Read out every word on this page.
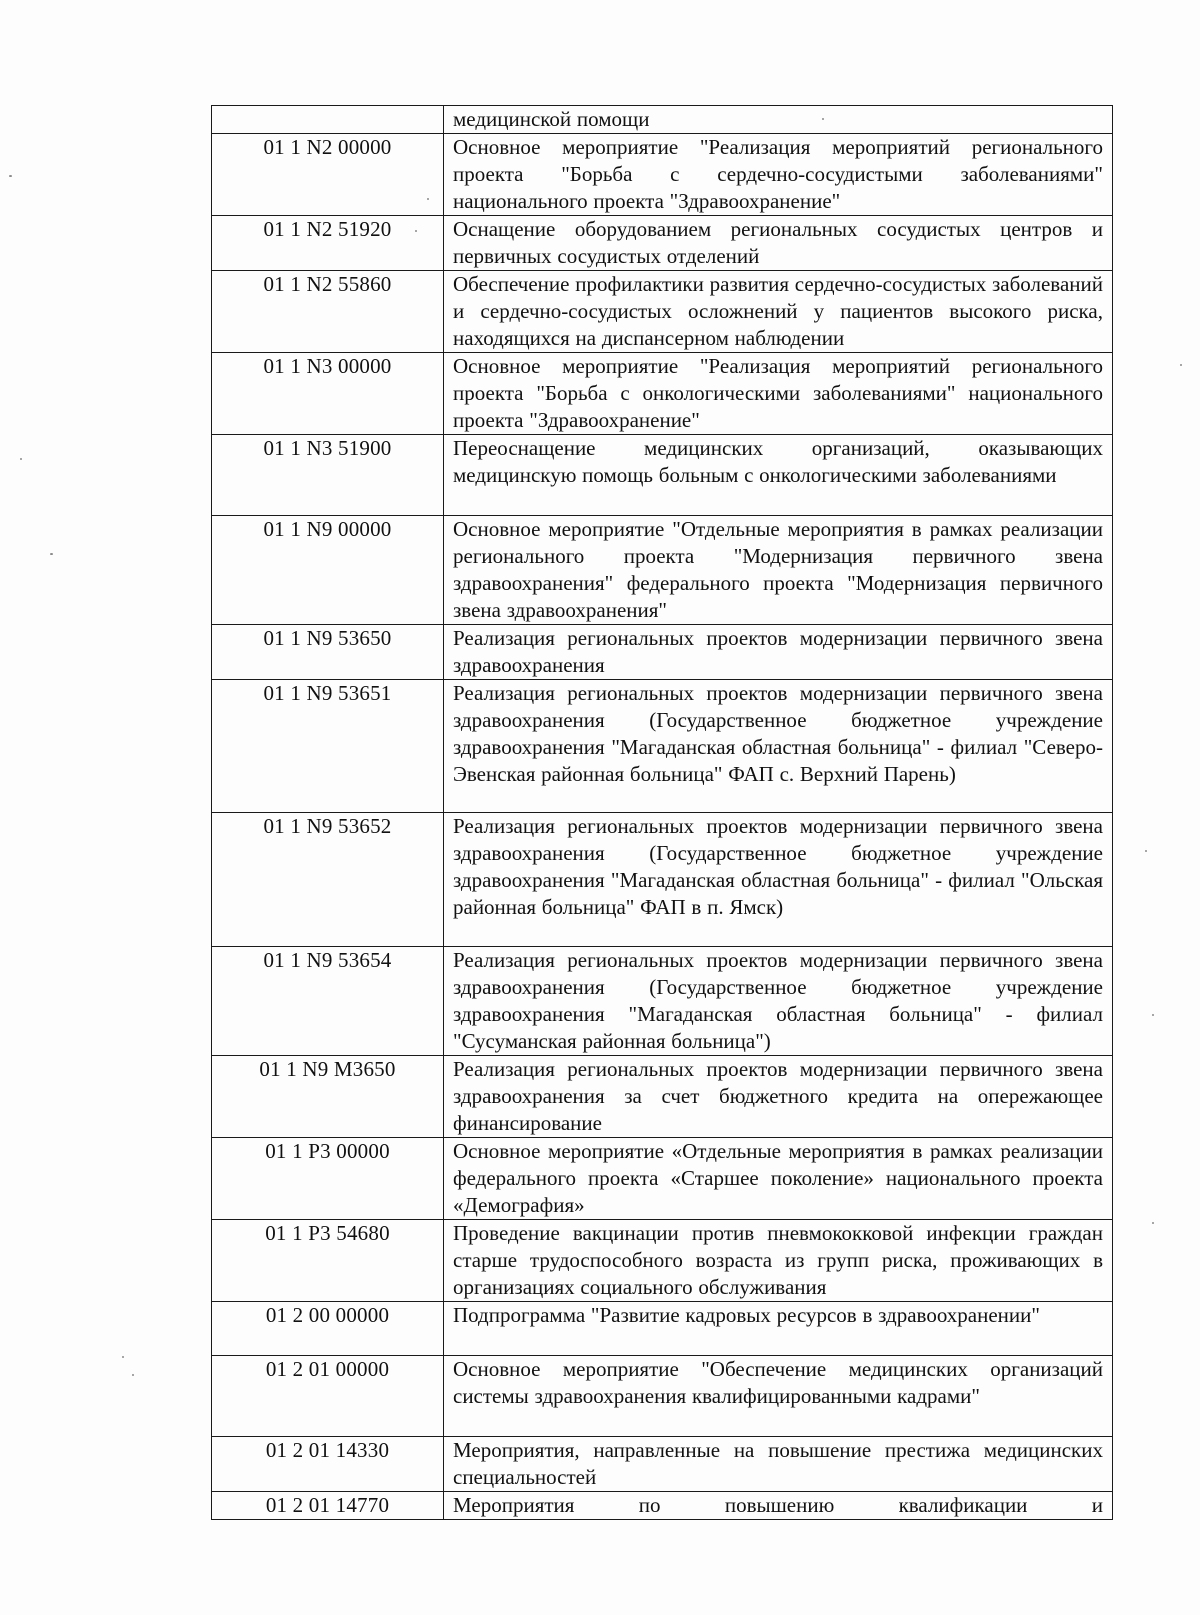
	медицинской помощи
01 1 N2 00000	Основное мероприятие "Реализация мероприятий регионального проекта "Борьба с сердечно-сосудистыми заболеваниями" национального проекта "Здравоохранение"
01 1 N2 51920	Оснащение оборудованием региональных сосудистых центров и первичных сосудистых отделений
01 1 N2 55860	Обеспечение профилактики развития сердечно-сосудистых заболеваний и сердечно-сосудистых осложнений у пациентов высокого риска, находящихся на диспансерном наблюдении
01 1 N3 00000	Основное мероприятие "Реализация мероприятий регионального проекта "Борьба с онкологическими заболеваниями" национального проекта "Здравоохранение"
01 1 N3 51900	Переоснащение медицинских организаций, оказывающих медицинскую помощь больным с онкологическими заболеваниями
01 1 N9 00000	Основное мероприятие "Отдельные мероприятия в рамках реализации регионального проекта "Модернизация первичного звена здравоохранения" федерального проекта "Модернизация первичного звена здравоохранения"
01 1 N9 53650	Реализация региональных проектов модернизации первичного звена здравоохранения
01 1 N9 53651	Реализация региональных проектов модернизации первичного звена здравоохранения (Государственное бюджетное учреждение здравоохранения "Магаданская областная больница" - филиал "Северо-Эвенская районная больница" ФАП с. Верхний Парень)
01 1 N9 53652	Реализация региональных проектов модернизации первичного звена здравоохранения (Государственное бюджетное учреждение здравоохранения "Магаданская областная больница" - филиал "Ольская районная больница" ФАП в п. Ямск)
01 1 N9 53654	Реализация региональных проектов модернизации первичного звена здравоохранения (Государственное бюджетное учреждение здравоохранения "Магаданская областная больница" - филиал "Сусуманская районная больница")
01 1 N9 M3650	Реализация региональных проектов модернизации первичного звена здравоохранения за счет бюджетного кредита на опережающее финансирование
01 1 P3 00000	Основное мероприятие «Отдельные мероприятия в рамках реализации федерального проекта «Старшее поколение» национального проекта «Демография»
01 1 P3 54680	Проведение вакцинации против пневмококковой инфекции граждан старше трудоспособного возраста из групп риска, проживающих в организациях социального обслуживания
01 2 00 00000	Подпрограмма "Развитие кадровых ресурсов в здравоохранении"
01 2 01 00000	Основное мероприятие "Обеспечение медицинских организаций системы здравоохранения квалифицированными кадрами"
01 2 01 14330	Мероприятия, направленные на повышение престижа медицинских специальностей
01 2 01 14770	Мероприятия по повышению квалификации и
